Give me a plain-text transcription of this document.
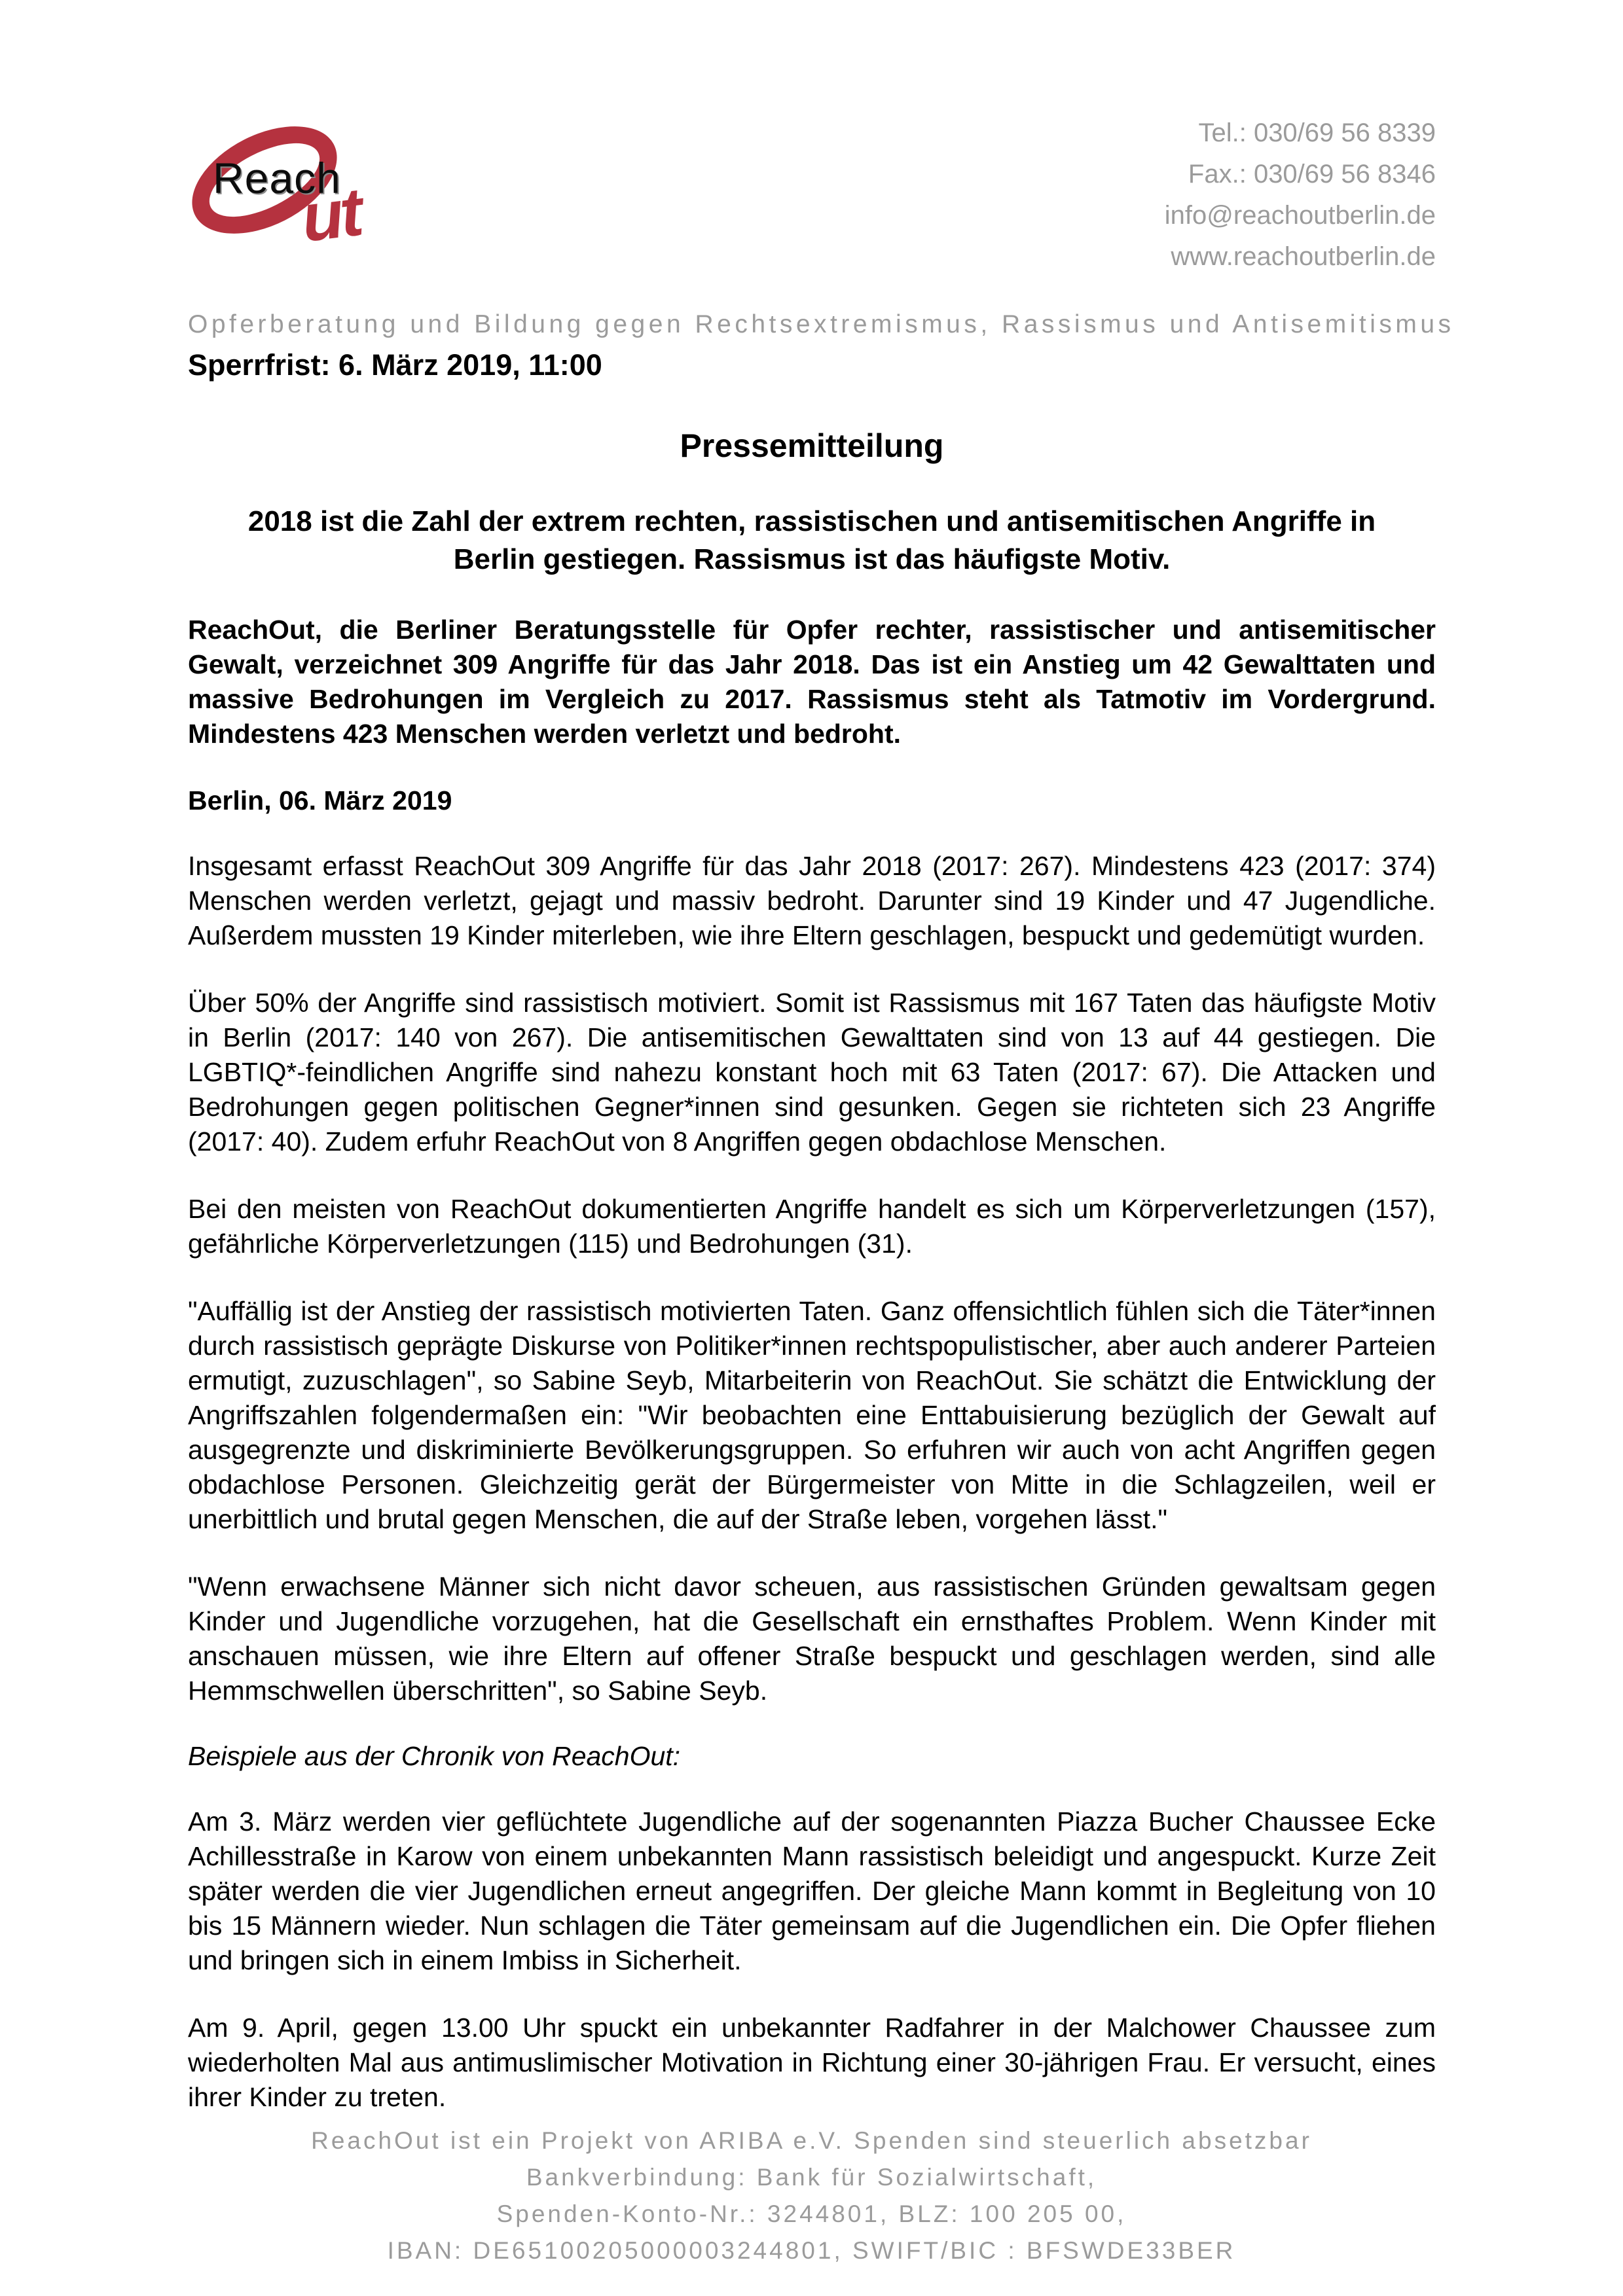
Reach
ut
Tel.: 030/69 56 8339
Fax.: 030/69 56 8346
info@reachoutberlin.de
www.reachoutberlin.de
Opferberatung und Bildung gegen Rechtsextremismus, Rassismus und Antisemitismus
Sperrfrist: 6. März 2019, 11:00
Pressemitteilung
2018 ist die Zahl der extrem rechten, rassistischen und antisemitischen Angriffe in Berlin gestiegen. Rassismus ist das häufigste Motiv.

ReachOut, die Berliner Beratungsstelle für Opfer rechter, rassistischer und antisemitischer Gewalt, verzeichnet 309 Angriffe für das Jahr 2018. Das ist ein Anstieg um 42 Gewalttaten und massive Bedrohungen im Vergleich zu 2017. Rassismus steht als Tatmotiv im Vordergrund. Mindestens 423 Menschen werden verletzt und bedroht.

Berlin, 06. März 2019

Insgesamt erfasst ReachOut 309 Angriffe für das Jahr 2018 (2017: 267). Mindestens 423 (2017: 374) Menschen werden verletzt, gejagt und massiv bedroht. Darunter sind 19 Kinder und 47 Jugendliche. Außerdem mussten 19 Kinder miterleben, wie ihre Eltern geschlagen, bespuckt und gedemütigt wurden.

Über 50% der Angriffe sind rassistisch motiviert. Somit ist Rassismus mit 167 Taten das häufigste Motiv in Berlin (2017: 140 von 267). Die antisemitischen Gewalttaten sind von 13 auf 44 gestiegen. Die LGBTIQ*-feindlichen Angriffe sind nahezu konstant hoch mit 63 Taten (2017: 67). Die Attacken und Bedrohungen gegen politischen Gegner*innen sind gesunken. Gegen sie richteten sich 23 Angriffe (2017: 40). Zudem erfuhr ReachOut von 8 Angriffen gegen obdachlose Menschen.

Bei den meisten von ReachOut dokumentierten Angriffe handelt es sich um Körperverletzungen (157), gefährliche Körperverletzungen (115) und Bedrohungen (31).

"Auffällig ist der Anstieg der rassistisch motivierten Taten. Ganz offensichtlich fühlen sich die Täter*innen durch rassistisch geprägte Diskurse von Politiker*innen rechtspopulistischer, aber auch anderer Parteien ermutigt, zuzuschlagen", so Sabine Seyb, Mitarbeiterin von ReachOut. Sie schätzt die Entwicklung der Angriffszahlen folgendermaßen ein: "Wir beobachten eine Enttabuisierung bezüglich der Gewalt auf ausgegrenzte und diskriminierte Bevölkerungsgruppen. So erfuhren wir auch von acht Angriffen gegen obdachlose Personen. Gleichzeitig gerät der Bürgermeister von Mitte in die Schlagzeilen, weil er unerbittlich und brutal gegen Menschen, die auf der Straße leben, vorgehen lässt."

"Wenn erwachsene Männer sich nicht davor scheuen, aus rassistischen Gründen gewaltsam gegen Kinder und Jugendliche vorzugehen, hat die Gesellschaft ein ernsthaftes Problem. Wenn Kinder mit anschauen müssen, wie ihre Eltern auf offener Straße bespuckt und geschlagen werden, sind alle Hemmschwellen überschritten", so Sabine Seyb.

Beispiele aus der Chronik von ReachOut:

Am 3. März werden vier geflüchtete Jugendliche auf der sogenannten Piazza Bucher Chaussee Ecke Achillesstraße in Karow von einem unbekannten Mann rassistisch beleidigt und angespuckt. Kurze Zeit später werden die vier Jugendlichen erneut angegriffen. Der gleiche Mann kommt in Begleitung von 10 bis 15 Männern wieder. Nun schlagen die Täter gemeinsam auf die Jugendlichen ein. Die Opfer fliehen und bringen sich in einem Imbiss in Sicherheit.

Am 9. April, gegen 13.00 Uhr spuckt ein unbekannter Radfahrer in der Malchower Chaussee zum wiederholten Mal aus antimuslimischer Motivation in Richtung einer 30-jährigen Frau. Er versucht, eines ihrer Kinder zu treten.

ReachOut ist ein Projekt von ARIBA e.V. Spenden sind steuerlich absetzbar
Bankverbindung: Bank für Sozialwirtschaft,
Spenden-Konto-Nr.: 3244801, BLZ: 100 205 00,
IBAN: DE65100205000003244801, SWIFT/BIC : BFSWDE33BER
